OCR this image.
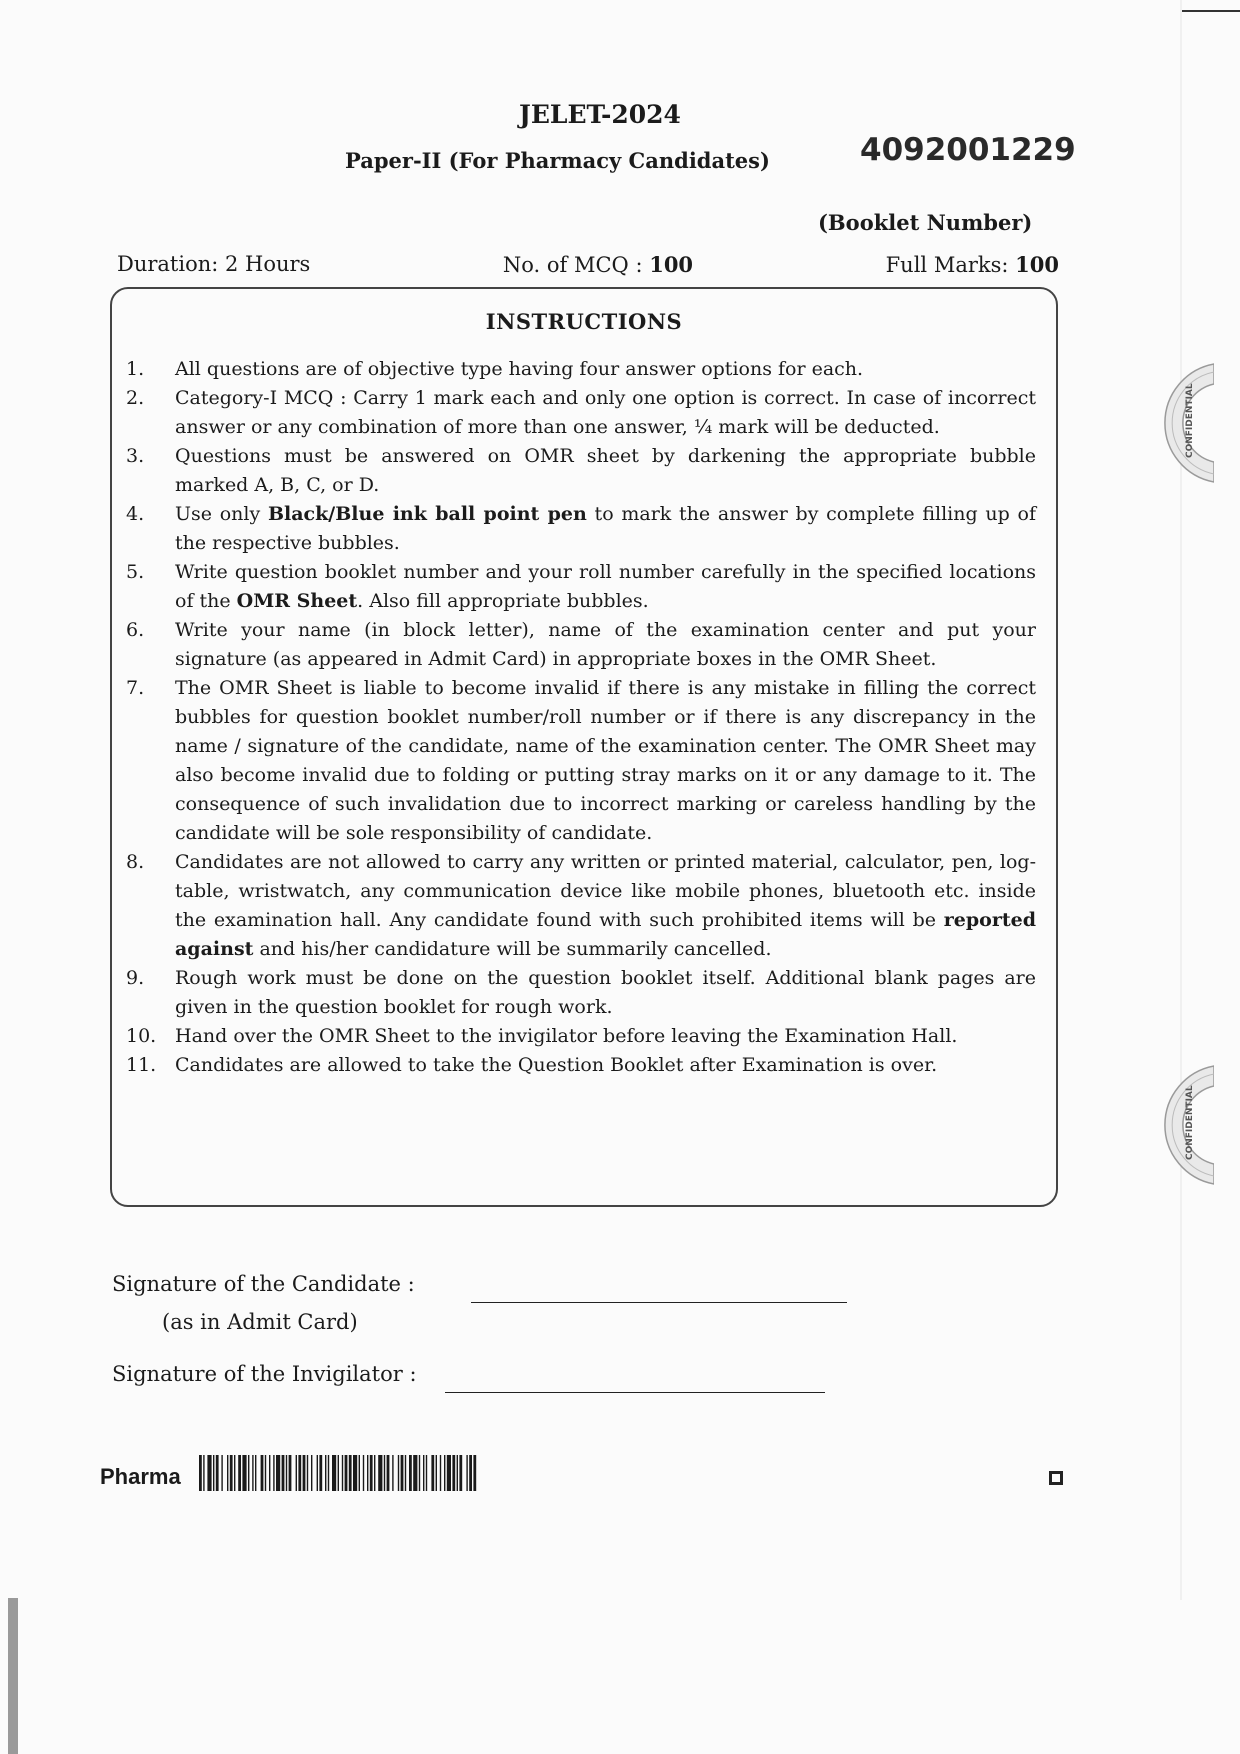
JELET-2024
Paper-II (For Pharmacy Candidates)	4092001229
(Booklet Number)
Duration: 2 Hours	No. of MCQ : 100	Full Marks: 100
INSTRUCTIONS
1.	All questions are of objective type having four answer options for each.
2.	Category-I MCQ : Carry 1 mark each and only one option is correct. In case of incorrect answer or any combination of more than one answer, ¼ mark will be deducted.
3.	Questions must be answered on OMR sheet by darkening the appropriate bubble marked A, B, C, or D.
4.	Use only Black/Blue ink ball point pen to mark the answer by complete filling up of the respective bubbles.
5.	Write question booklet number and your roll number carefully in the specified locations of the OMR Sheet. Also fill appropriate bubbles.
6.	Write your name (in block letter), name of the examination center and put your signature (as appeared in Admit Card) in appropriate boxes in the OMR Sheet.
7.	The OMR Sheet is liable to become invalid if there is any mistake in filling the correct bubbles for question booklet number/roll number or if there is any discrepancy in the name / signature of the candidate, name of the examination center. The OMR Sheet may also become invalid due to folding or putting stray marks on it or any damage to it. The consequence of such invalidation due to incorrect marking or careless handling by the candidate will be sole responsibility of candidate.
8.	Candidates are not allowed to carry any written or printed material, calculator, pen, log-table, wristwatch, any communication device like mobile phones, bluetooth etc. inside the examination hall. Any candidate found with such prohibited items will be reported against and his/her candidature will be summarily cancelled.
9.	Rough work must be done on the question booklet itself. Additional blank pages are given in the question booklet for rough work.
10. Hand over the OMR Sheet to the invigilator before leaving the Examination Hall.
11. Candidates are allowed to take the Question Booklet after Examination is over.
Signature of the Candidate :
(as in Admit Card)
Signature of the Invigilator :
Pharma
CONFIDENTIAL
CONFIDENTIAL
